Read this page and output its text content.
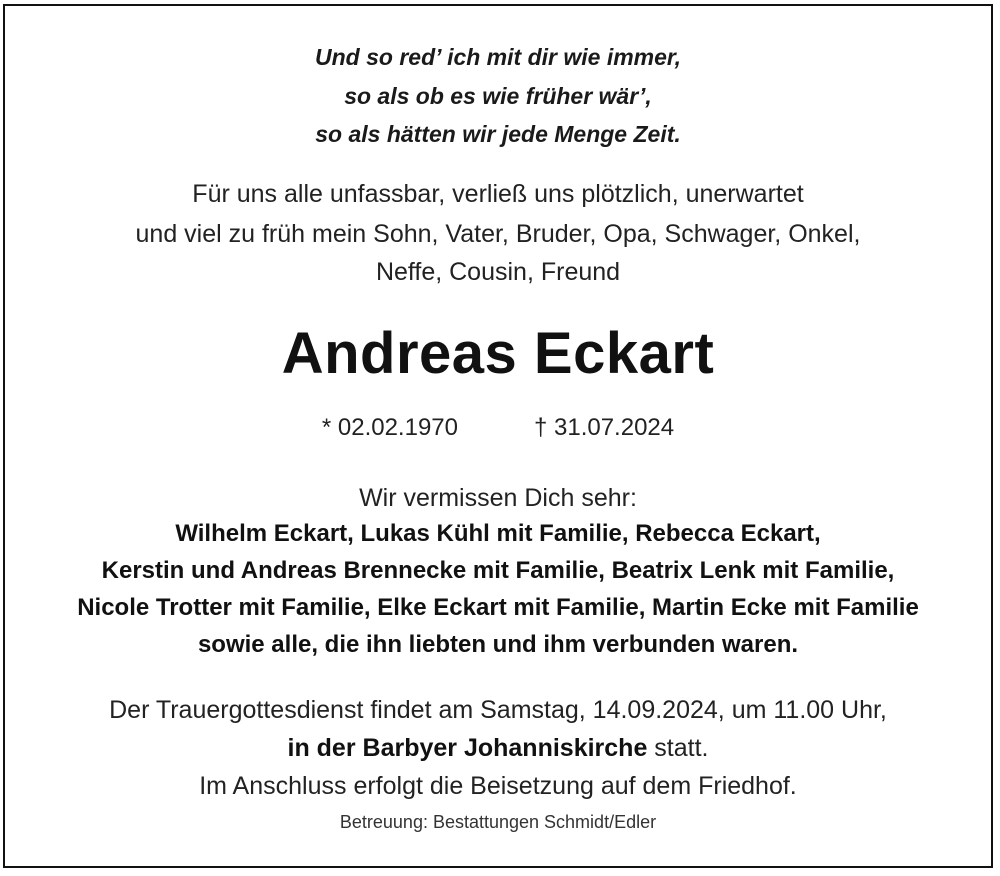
Und so red’ ich mit dir wie immer,
so als ob es wie früher wär’,
so als hätten wir jede Menge Zeit.
Für uns alle unfassbar, verließ uns plötzlich, unerwartet
und viel zu früh mein Sohn, Vater, Bruder, Opa, Schwager, Onkel,
Neffe, Cousin, Freund
Andreas Eckart
* 02.02.1970	† 31.07.2024
Wir vermissen Dich sehr:
Wilhelm Eckart, Lukas Kühl mit Familie, Rebecca Eckart,
Kerstin und Andreas Brennecke mit Familie, Beatrix Lenk mit Familie,
Nicole Trotter mit Familie, Elke Eckart mit Familie, Martin Ecke mit Familie
sowie alle, die ihn liebten und ihm verbunden waren.
Der Trauergottesdienst findet am Samstag, 14.09.2024, um 11.00 Uhr,
in der Barbyer Johanniskirche statt.
Im Anschluss erfolgt die Beisetzung auf dem Friedhof.
Betreuung: Bestattungen Schmidt/Edler
